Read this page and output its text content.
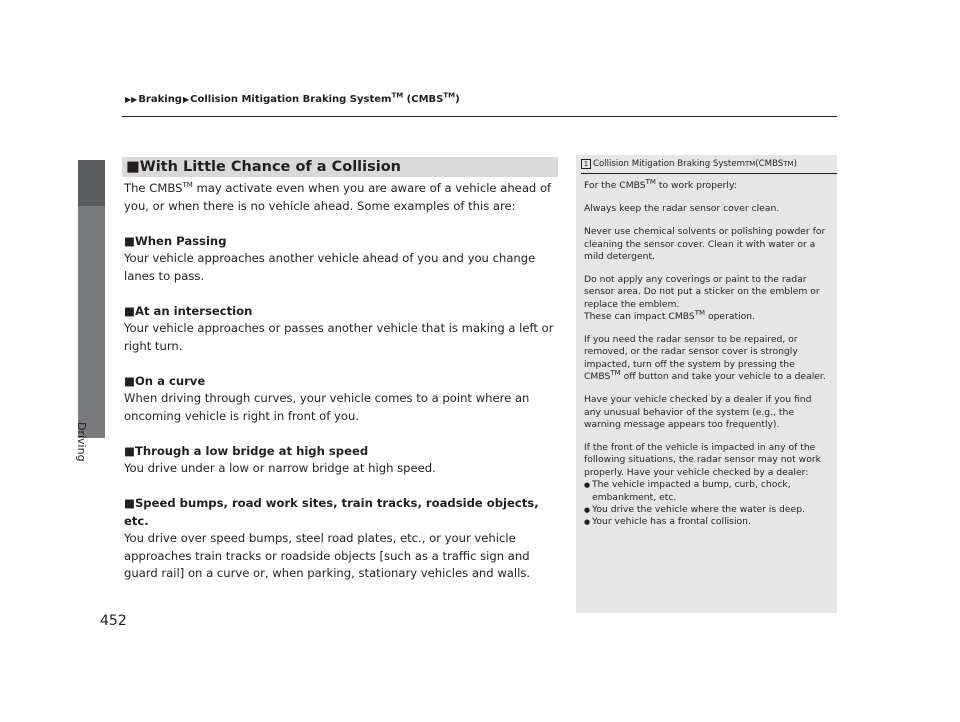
Driving
▶▶Braking▶Collision Mitigation Braking System™ (CMBS™)
■With Little Chance of a Collision

The CMBS™ may activate even when you are aware of a vehicle ahead of you, or when there is no vehicle ahead. Some examples of this are:

■When Passing

Your vehicle approaches another vehicle ahead of you and you change lanes to pass.

■At an intersection

Your vehicle approaches or passes another vehicle that is making a left or right turn.

■On a curve

When driving through curves, your vehicle comes to a point where an oncoming vehicle is right in front of you.

■Through a low bridge at high speed

You drive under a low or narrow bridge at high speed.

■Speed bumps, road work sites, train tracks, roadside objects, etc.

You drive over speed bumps, steel road plates, etc., or your vehicle approaches train tracks or roadside objects [such as a traffic sign and guard rail] on a curve or, when parking, stationary vehicles and walls.

1 Collision Mitigation Braking System TM (CMBS TM )

For the CMBS™ to work properly:

Always keep the radar sensor cover clean.

Never use chemical solvents or polishing powder for cleaning the sensor cover. Clean it with water or a mild detergent.

Do not apply any coverings or paint to the radar sensor area. Do not put a sticker on the emblem or replace the emblem.

These can impact CMBS™ operation.

If you need the radar sensor to be repaired, or removed, or the radar sensor cover is strongly impacted, turn off the system by pressing the CMBS™ off button and take your vehicle to a dealer.

Have your vehicle checked by a dealer if you find any unusual behavior of the system (e.g., the warning message appears too frequently).

If the front of the vehicle is impacted in any of the following situations, the radar sensor may not work properly. Have your vehicle checked by a dealer:

● The vehicle impacted a bump, curb, chock, embankment, etc.
● You drive the vehicle where the water is deep.
● Your vehicle has a frontal collision.
452
